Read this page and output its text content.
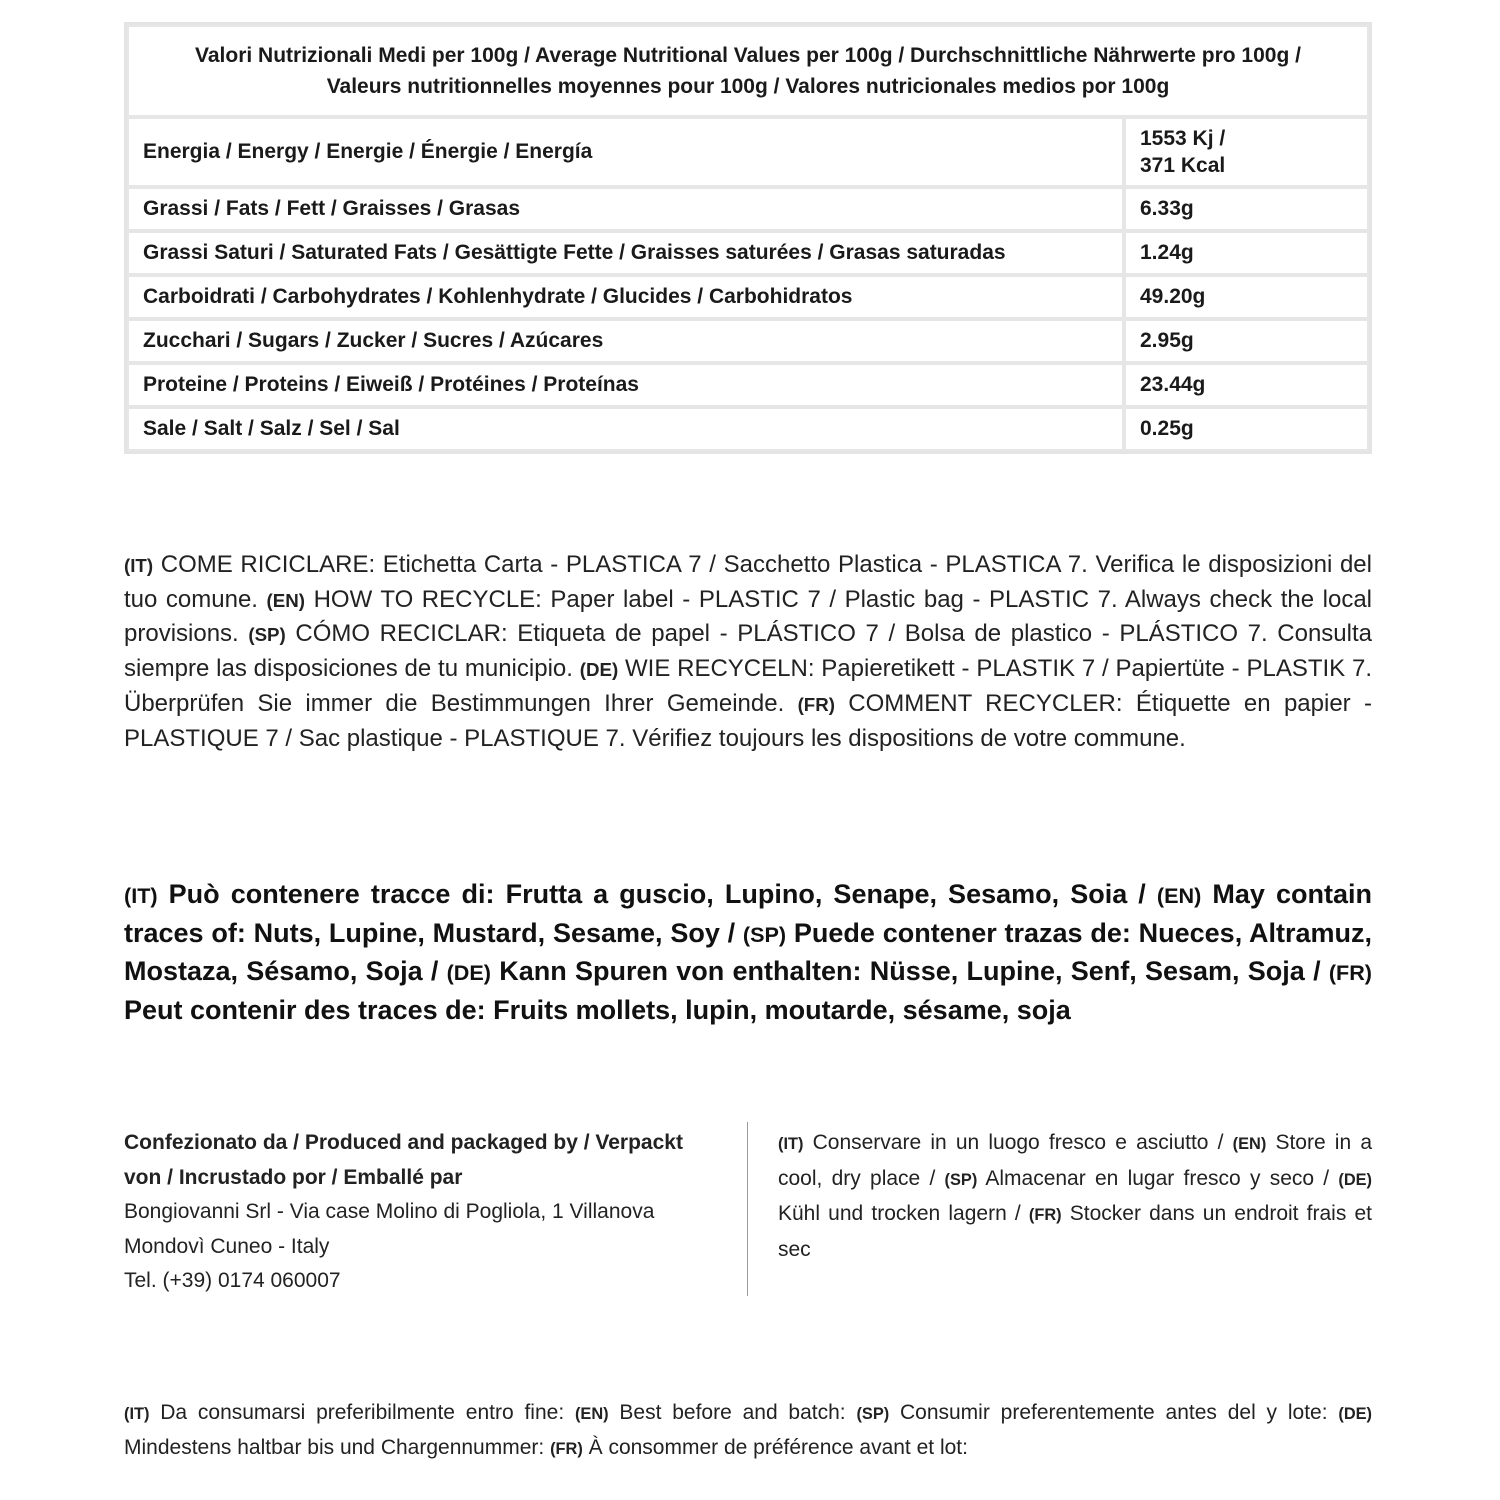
Valori Nutrizionali Medi per 100g / Average Nutritional Values per 100g / Durchschnittliche Nährwerte pro 100g / Valeurs nutritionnelles moyennes pour 100g / Valores nutricionales medios por 100g	
Energia / Energy / Energie / Énergie / Energía	1553 Kj /
371 Kcal
Grassi / Fats / Fett / Graisses / Grasas	6.33g
Grassi Saturi / Saturated Fats / Gesättigte Fette / Graisses saturées / Grasas saturadas	1.24g
Carboidrati / Carbohydrates / Kohlenhydrate / Glucides / Carbohidratos	49.20g
Zucchari / Sugars / Zucker / Sucres / Azúcares	2.95g
Proteine / Proteins / Eiweiß / Protéines / Proteínas	23.44g
Sale / Salt / Salz / Sel / Sal	0.25g

(IT) COME RICICLARE: Etichetta Carta - PLASTICA 7 / Sacchetto Plastica - PLASTICA 7. Verifica le disposizioni del tuo comune. (EN) HOW TO RECYCLE: Paper label - PLASTIC 7 / Plastic bag - PLASTIC 7. Always check the local provisions. (SP) CÓMO RECICLAR: Etiqueta de papel - PLÁSTICO 7 / Bolsa de plastico - PLÁSTICO 7. Consulta siempre las disposiciones de tu municipio. (DE) WIE RECYCELN: Papieretikett - PLASTIK 7 / Papiertüte - PLASTIK 7. Überprüfen Sie immer die Bestimmungen Ihrer Gemeinde. (FR) COMMENT RECYCLER: Étiquette en papier - PLASTIQUE 7 / Sac plastique - PLASTIQUE 7. Vérifiez toujours les dispositions de votre commune.

(IT) Può contenere tracce di: Frutta a guscio, Lupino, Senape, Sesamo, Soia / (EN) May contain traces of: Nuts, Lupine, Mustard, Sesame, Soy / (SP) Puede contener trazas de: Nueces, Altramuz, Mostaza, Sésamo, Soja / (DE) Kann Spuren von enthalten: Nüsse, Lupine, Senf, Sesam, Soja / (FR) Peut contenir des traces de: Fruits mollets, lupin, moutarde, sésame, soja

Confezionato da / Produced and packaged by / Verpackt von / Incrustado por / Emballé par
Bongiovanni Srl - Via case Molino di Pogliola, 1 Villanova
Mondovì Cuneo - Italy
Tel. (+39) 0174 060007

(IT) Conservare in un luogo fresco e asciutto / (EN) Store in a cool, dry place / (SP) Almacenar en lugar fresco y seco / (DE) Kühl und trocken lagern / (FR) Stocker dans un endroit frais et sec

(IT) Da consumarsi preferibilmente entro fine: (EN) Best before and batch: (SP) Consumir preferentemente antes del y lote: (DE) Mindestens haltbar bis und Chargennummer: (FR) À consommer de préférence avant et lot:
